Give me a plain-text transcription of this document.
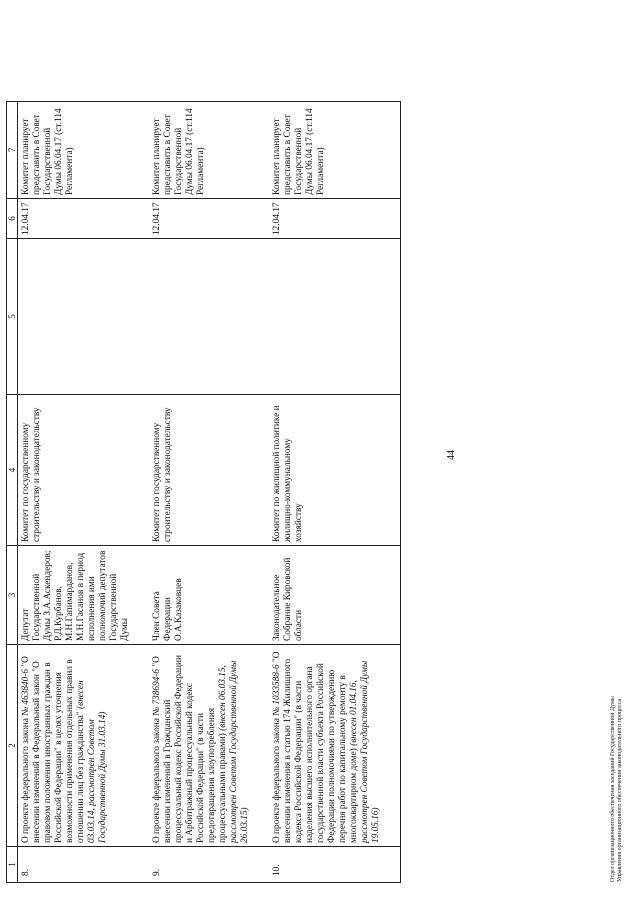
44
1	2	3	4	5	6	7
8.	О проекте федерального закона № 463840-6 "О внесении изменений в Федеральный закон "О правовом положении иностранных граждан в Российской Федерации" в целях уточнения возможности применения отдельных правил в отношении лиц без гражданства" (внесен 03.03.14, рассмотрен Советом Государственной Думы 31.03.14)	Депутат Государственной Думы З.А.Аскендеров; Р.Д.Курбанов, М.Н.Гапимарданов, М.Н.Гасанов в период исполнения ими полномочий депутатов Государственной Думы	Комитет по государственному строительству и законодательству		12.04.17	Комитет планирует представить в Совет Государственной Думы 06.04.17 (ст.114 Регламента)
9.	О проекте федерального закона № 738694-6 "О внесении изменений в Гражданский процессуальный кодекс Российской Федерации и Арбитражный процессуальный кодекс Российской Федерации" (в части предотвращения злоупотребления процессуальными правами) (внесен 06.03.15, рассмотрен Советом Государственной Думы 26.03.15)	Член Совета Федерации О.А.Казаковцев	Комитет по государственному строительству и законодательству		12.04.17	Комитет планирует представить в Совет Государственной Думы 06.04.17 (ст.114 Регламента)
10.	О проекте федерального закона № 1033588-6 "О внесении изменения в статью 174 Жилищного кодекса Российской Федерации" (в части наделения высшего исполнительного органа государственной власти субъекта Российской Федерации полномочиями по утверждению перечня работ по капитальному ремонту в многоквартирном доме) (внесен 01.04.16, рассмотрен Советом Государственной Думы 19.05.16)	Законодательное Собрание Кировской области	Комитет по жилищной политике и жилищно-коммунальному хозяйству		12.04.17	Комитет планирует представить в Совет Государственной Думы 06.04.17 (ст.114 Регламента)
Отдел организационного обеспечения заседаний Государственной Думы Управления организационного обеспечения законодательного процесса
